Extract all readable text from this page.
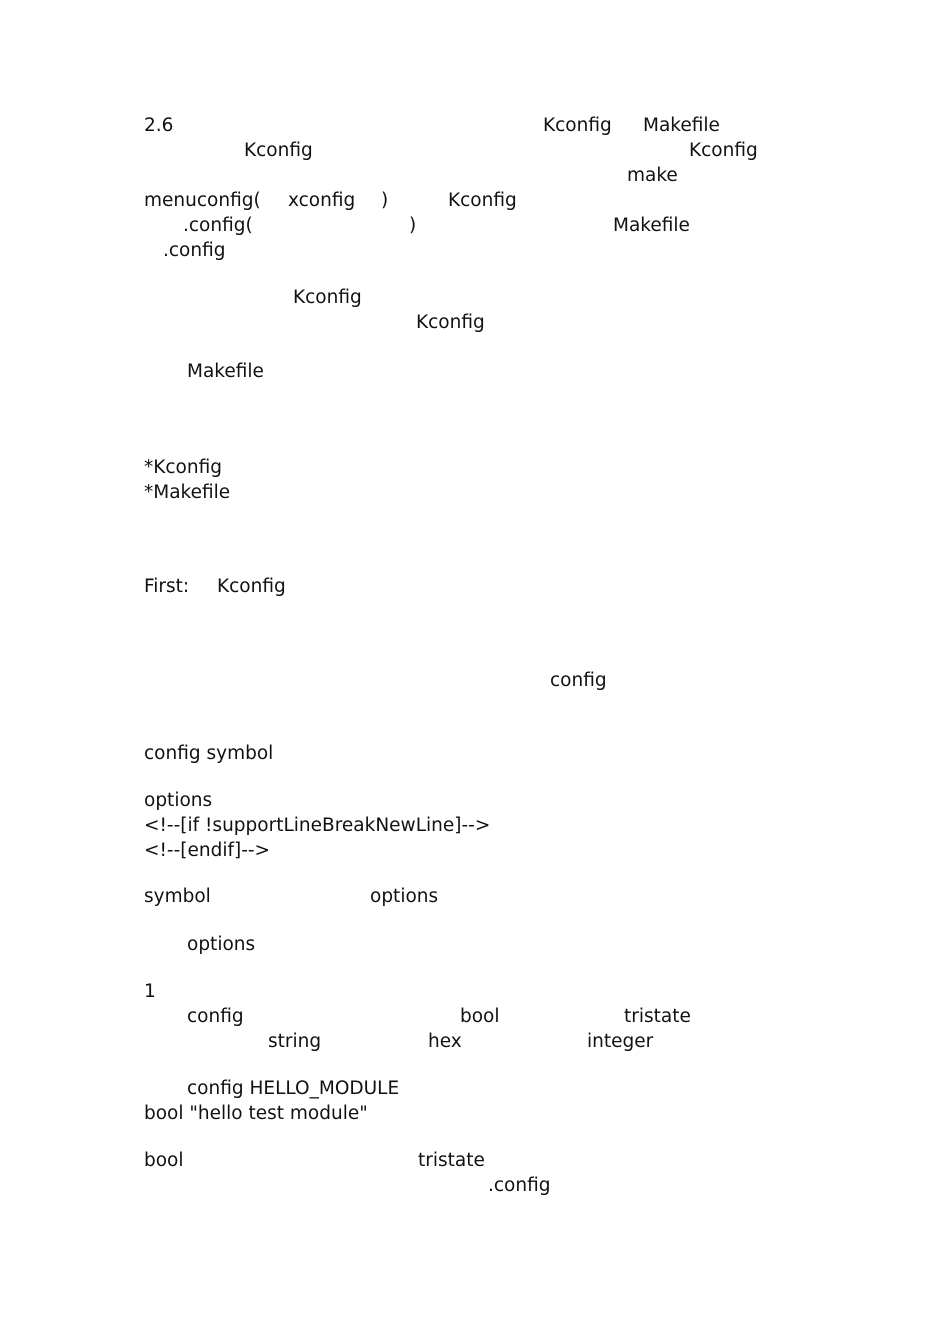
2.6	Kconfig Makefile
Kconfig	Kconfig
make
menuconfig( xconfig )	Kconfig
.config(	)	Makefile
.config
Kconfig
Kconfig
Makefile
*Kconfig
*Makefile
First: Kconfig
config
config symbol
options
<!--[if !supportLineBreakNewLine]-->
<!--[endif]-->
symbol	options
options
1
config	bool	tristate
string	hex	integer
config HELLO_MODULE
bool "hello test module"
bool	tristate
.config
